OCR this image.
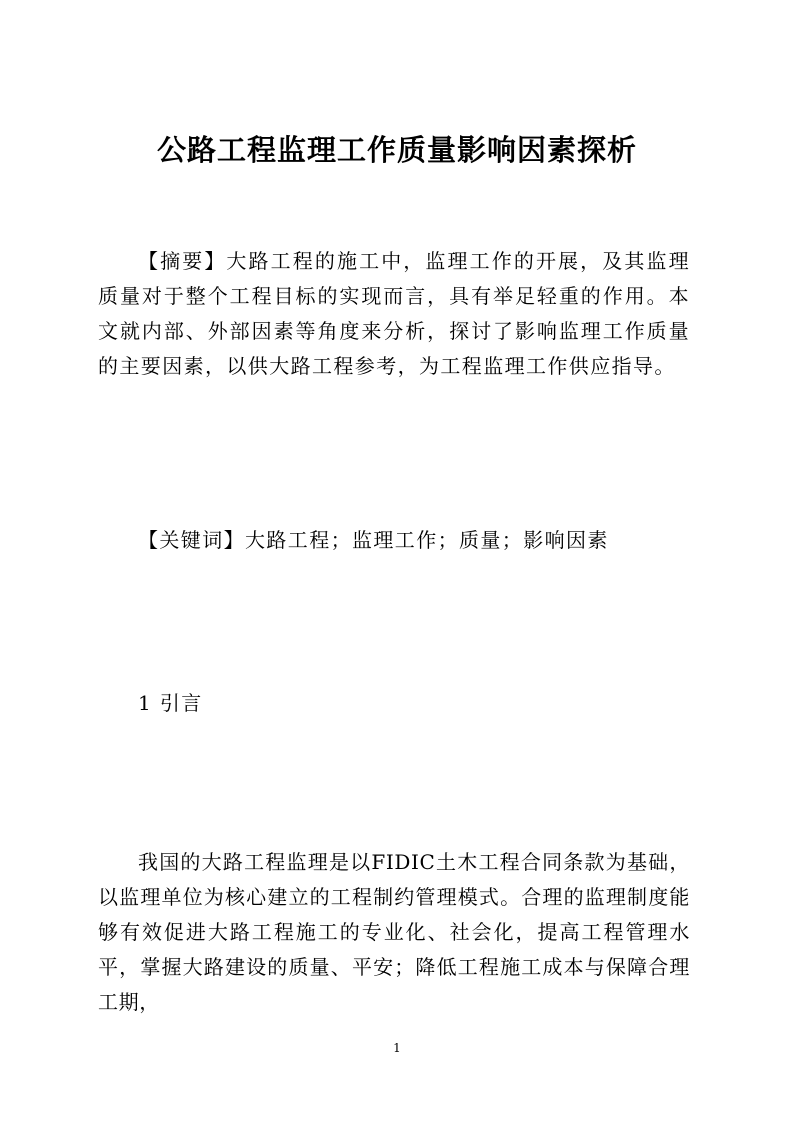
公路工程监理工作质量影响因素探析

【摘要】大路工程的施工中，监理工作的开展，及其监理质量对于整个工程目标的实现而言，具有举足轻重的作用。本文就内部、外部因素等角度来分析，探讨了影响监理工作质量的主要因素，以供大路工程参考，为工程监理工作供应指导。

【关键词】大路工程；监理工作；质量；影响因素

1 引言

我国的大路工程监理是以FIDIC土木工程合同条款为基础，以监理单位为核心建立的工程制约管理模式。合理的监理制度能够有效促进大路工程施工的专业化、社会化，提高工程管理水平，掌握大路建设的质量、平安；降低工程施工成本与保障合理工期，

1
